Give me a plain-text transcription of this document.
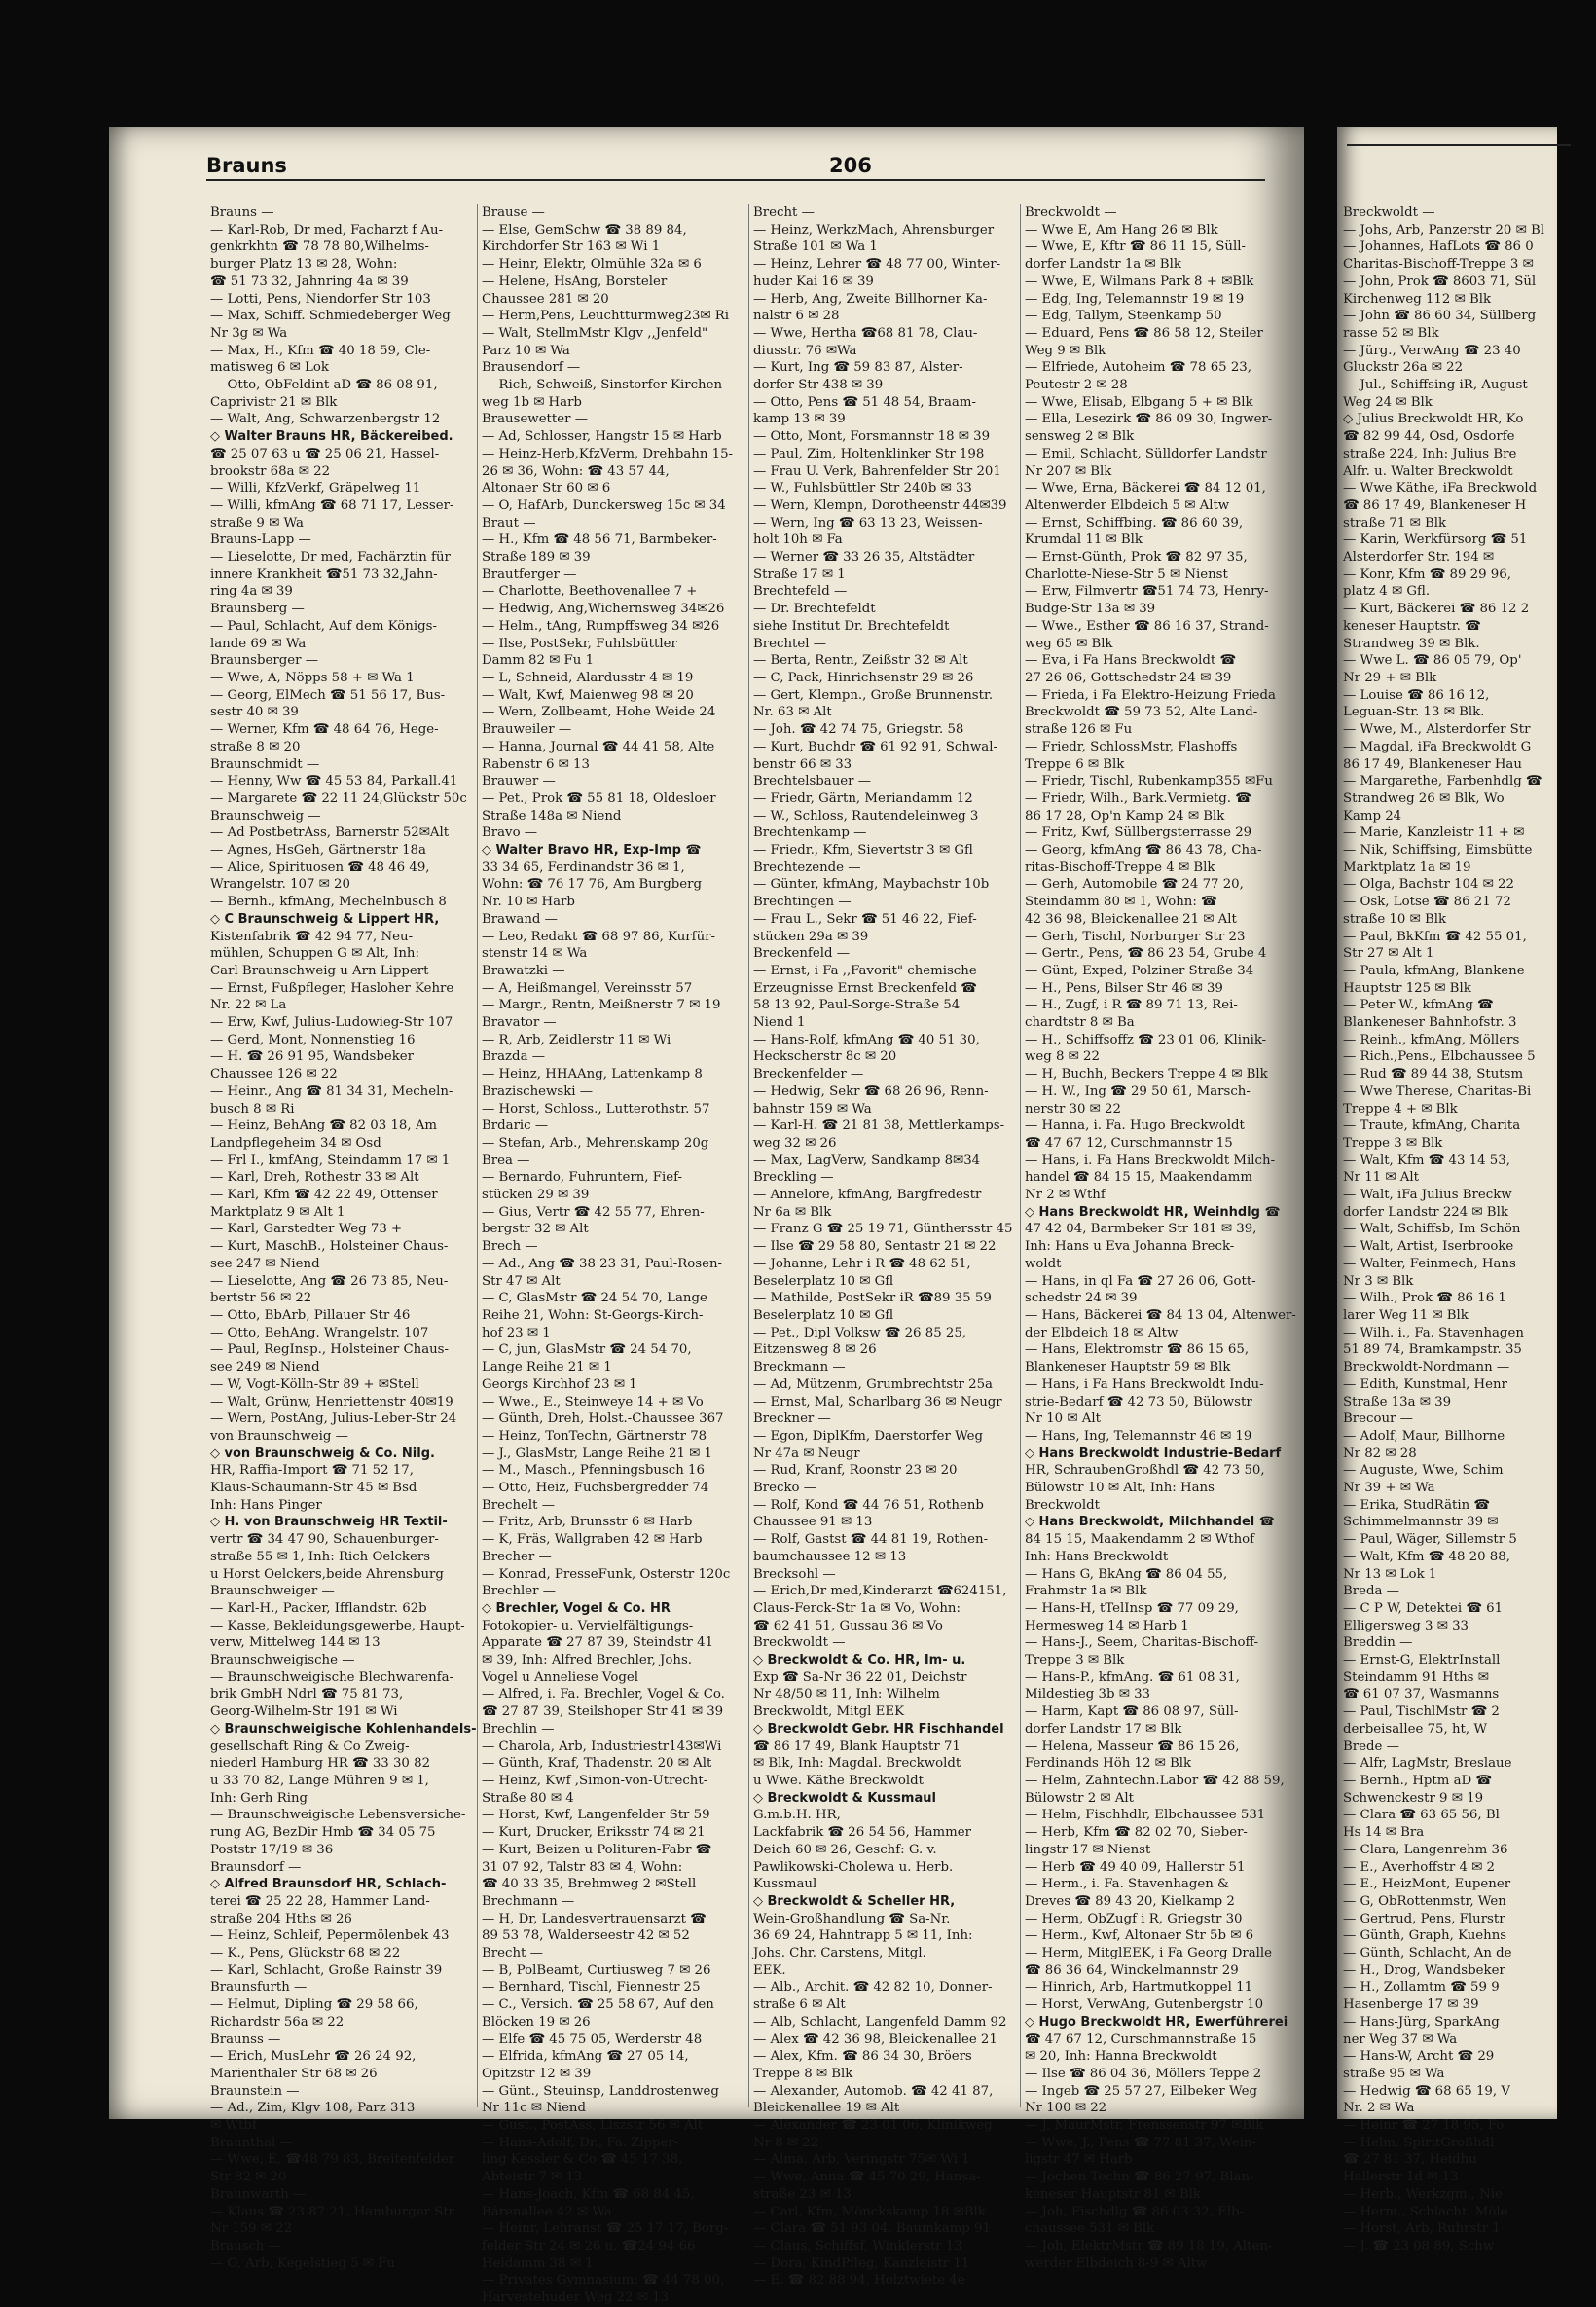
Brauns	206
Brauns —
— Karl-Rob, Dr med, Facharzt f Au-
genkrkhtn ☎ 78 78 80,Wilhelms-
burger Platz 13 ✉ 28, Wohn:
☎ 51 73 32, Jahnring 4a ✉ 39
— Lotti, Pens, Niendorfer Str 103
— Max, Schiff. Schmiedeberger Weg
Nr 3g ✉ Wa
— Max, H., Kfm ☎ 40 18 59, Cle-
matisweg 6 ✉ Lok
— Otto, ObFeldint aD ☎ 86 08 91,
Caprivistr 21 ✉ Blk
— Walt, Ang, Schwarzenbergstr 12
◇ Walter Brauns HR, Bäckereibed.
☎ 25 07 63 u ☎ 25 06 21, Hassel-
brookstr 68a ✉ 22
— Willi, KfzVerkf, Gräpelweg 11
— Willi, kfmAng ☎ 68 71 17, Lesser-
straße 9 ✉ Wa
Brauns-Lapp —
— Lieselotte, Dr med, Fachärztin für
innere Krankheit ☎51 73 32,Jahn-
ring 4a ✉ 39
Braunsberg —
— Paul, Schlacht, Auf dem Königs-
lande 69 ✉ Wa
Braunsberger —
— Wwe, A, Nöpps 58 + ✉ Wa 1
— Georg, ElMech ☎ 51 56 17, Bus-
sestr 40 ✉ 39
— Werner, Kfm ☎ 48 64 76, Hege-
straße 8 ✉ 20
Braunschmidt —
— Henny, Ww ☎ 45 53 84, Parkall.41
— Margarete ☎ 22 11 24,Glückstr 50c
Braunschweig —
— Ad PostbetrAss, Barnerstr 52✉Alt
— Agnes, HsGeh, Gärtnerstr 18a
— Alice, Spirituosen ☎ 48 46 49,
Wrangelstr. 107 ✉ 20
— Bernh., kfmAng, Mechelnbusch 8
◇ C Braunschweig & Lippert HR,
Kistenfabrik ☎ 42 94 77, Neu-
mühlen, Schuppen G ✉ Alt, Inh:
Carl Braunschweig u Arn Lippert
— Ernst, Fußpfleger, Hasloher Kehre
Nr. 22 ✉ La
— Erw, Kwf, Julius-Ludowieg-Str 107
— Gerd, Mont, Nonnenstieg 16
— H. ☎ 26 91 95, Wandsbeker
Chaussee 126 ✉ 22
— Heinr., Ang ☎ 81 34 31, Mecheln-
busch 8 ✉ Ri
— Heinz, BehAng ☎ 82 03 18, Am
Landpflegeheim 34 ✉ Osd
— Frl I., kmfAng, Steindamm 17 ✉ 1
— Karl, Dreh, Rothestr 33 ✉ Alt
— Karl, Kfm ☎ 42 22 49, Ottenser
Marktplatz 9 ✉ Alt 1
— Karl, Garstedter Weg 73 +
— Kurt, MaschB., Holsteiner Chaus-
see 247 ✉ Niend
— Lieselotte, Ang ☎ 26 73 85, Neu-
bertstr 56 ✉ 22
— Otto, BbArb, Pillauer Str 46
— Otto, BehAng. Wrangelstr. 107
— Paul, RegInsp., Holsteiner Chaus-
see 249 ✉ Niend
— W, Vogt-Kölln-Str 89 + ✉Stell
— Walt, Grünw, Henriettenstr 40✉19
— Wern, PostAng, Julius-Leber-Str 24
von Braunschweig —
◇ von Braunschweig & Co. Nilg.
HR, Raffia-Import ☎ 71 52 17,
Klaus-Schaumann-Str 45 ✉ Bsd
Inh: Hans Pinger
◇ H. von Braunschweig HR Textil-
vertr ☎ 34 47 90, Schauenburger-
straße 55 ✉ 1, Inh: Rich Oelckers
u Horst Oelckers,beide Ahrensburg
Braunschweiger —
— Karl-H., Packer, Ifflandstr. 62b
— Kasse, Bekleidungsgewerbe, Haupt-
verw, Mittelweg 144 ✉ 13
Braunschweigische —
— Braunschweigische Blechwarenfa-
brik GmbH Ndrl ☎ 75 81 73,
Georg-Wilhelm-Str 191 ✉ Wi
◇ Braunschweigische Kohlenhandels-
gesellschaft Ring & Co Zweig-
niederl Hamburg HR ☎ 33 30 82
u 33 70 82, Lange Mühren 9 ✉ 1,
Inh: Gerh Ring
— Braunschweigische Lebensversiche-
rung AG, BezDir Hmb ☎ 34 05 75
Poststr 17/19 ✉ 36
Braunsdorf —
◇ Alfred Braunsdorf HR, Schlach-
terei ☎ 25 22 28, Hammer Land-
straße 204 Hths ✉ 26
— Heinz, Schleif, Pepermölenbek 43
— K., Pens, Glückstr 68 ✉ 22
— Karl, Schlacht, Große Rainstr 39
Braunsfurth —
— Helmut, Dipling ☎ 29 58 66,
Richardstr 56a ✉ 22
Braunss —
— Erich, MusLehr ☎ 26 24 92,
Marienthaler Str 68 ✉ 26
Braunstein —
— Ad., Zim, Klgv 108, Parz 313
✉ Wtbf
Braunthal —
— Wwe, E, ☎48 79 83, Breitenfelder
Str 82 ✉ 20
Braunwarth —
— Klaus ☎ 23 87 21, Hamburger Str
Nr 159 ✉ 22
Brausch —
— O, Arb, Kegelstieg 5 ✉ Fu
Brause —
— Else, GemSchw ☎ 38 89 84,
Kirchdorfer Str 163 ✉ Wi 1
— Heinr, Elektr, Olmühle 32a ✉ 6
— Helene, HsAng, Borsteler
Chaussee 281 ✉ 20
— Herm,Pens, Leuchtturmweg23✉ Ri
— Walt, StellmMstr Klgv ,,Jenfeld"
Parz 10 ✉ Wa
Brausendorf —
— Rich, Schweiß, Sinstorfer Kirchen-
weg 1b ✉ Harb
Brausewetter —
— Ad, Schlosser, Hangstr 15 ✉ Harb
— Heinz-Herb,KfzVerm, Drehbahn 15-
26 ✉ 36, Wohn: ☎ 43 57 44,
Altonaer Str 60 ✉ 6
— O, HafArb, Dunckersweg 15c ✉ 34
Braut —
— H., Kfm ☎ 48 56 71, Barmbeker-
Straße 189 ✉ 39
Brautferger —
— Charlotte, Beethovenallee 7 +
— Hedwig, Ang,Wichernsweg 34✉26
— Helm., tAng, Rumpffsweg 34 ✉26
— Ilse, PostSekr, Fuhlsbüttler
Damm 82 ✉ Fu 1
— L, Schneid, Alardusstr 4 ✉ 19
— Walt, Kwf, Maienweg 98 ✉ 20
— Wern, Zollbeamt, Hohe Weide 24
Brauweiler —
— Hanna, Journal ☎ 44 41 58, Alte
Rabenstr 6 ✉ 13
Brauwer —
— Pet., Prok ☎ 55 81 18, Oldesloer
Straße 148a ✉ Niend
Bravo —
◇ Walter Bravo HR, Exp-Imp ☎
33 34 65, Ferdinandstr 36 ✉ 1,
Wohn: ☎ 76 17 76, Am Burgberg
Nr. 10 ✉ Harb
Brawand —
— Leo, Redakt ☎ 68 97 86, Kurfür-
stenstr 14 ✉ Wa
Brawatzki —
— A, Heißmangel, Vereinsstr 57
— Margr., Rentn, Meißnerstr 7 ✉ 19
Bravator —
— R, Arb, Zeidlerstr 11 ✉ Wi
Brazda —
— Heinz, HHAAng, Lattenkamp 8
Brazischewski —
— Horst, Schloss., Lutterothstr. 57
Brdaric —
— Stefan, Arb., Mehrenskamp 20g
Brea —
— Bernardo, Fuhruntern, Fief-
stücken 29 ✉ 39
— Gius, Vertr ☎ 42 55 77, Ehren-
bergstr 32 ✉ Alt
Brech —
— Ad., Ang ☎ 38 23 31, Paul-Rosen-
Str 47 ✉ Alt
— C, GlasMstr ☎ 24 54 70, Lange
Reihe 21, Wohn: St-Georgs-Kirch-
hof 23 ✉ 1
— C, jun, GlasMstr ☎ 24 54 70,
Lange Reihe 21 ✉ 1
Georgs Kirchhof 23 ✉ 1
— Wwe., E., Steinweye 14 + ✉ Vo
— Günth, Dreh, Holst.-Chaussee 367
— Heinz, TonTechn, Gärtnerstr 78
— J., GlasMstr, Lange Reihe 21 ✉ 1
— M., Masch., Pfenningsbusch 16
— Otto, Heiz, Fuchsbergredder 74
Brechelt —
— Fritz, Arb, Brunsstr 6 ✉ Harb
— K, Fräs, Wallgraben 42 ✉ Harb
Brecher —
— Konrad, PresseFunk, Osterstr 120c
Brechler —
◇ Brechler, Vogel & Co. HR
Fotokopier- u. Vervielfältigungs-
Apparate ☎ 27 87 39, Steindstr 41
✉ 39, Inh: Alfred Brechler, Johs.
Vogel u Anneliese Vogel
— Alfred, i. Fa. Brechler, Vogel & Co.
☎ 27 87 39, Steilshoper Str 41 ✉ 39
Brechlin —
— Charola, Arb, Industriestr143✉Wi
— Günth, Kraf, Thadenstr. 20 ✉ Alt
— Heinz, Kwf ,Simon-von-Utrecht-
Straße 80 ✉ 4
— Horst, Kwf, Langenfelder Str 59
— Kurt, Drucker, Eriksstr 74 ✉ 21
— Kurt, Beizen u Polituren-Fabr ☎
31 07 92, Talstr 83 ✉ 4, Wohn:
☎ 40 33 35, Brehmweg 2 ✉Stell
Brechmann —
— H, Dr, Landesvertrauensarzt ☎
89 53 78, Walderseestr 42 ✉ 52
Brecht —
— B, PolBeamt, Curtiusweg 7 ✉ 26
— Bernhard, Tischl, Fiennestr 25
— C., Versich. ☎ 25 58 67, Auf den
Blöcken 19 ✉ 26
— Elfe ☎ 45 75 05, Werderstr 48
— Elfrida, kfmAng ☎ 27 05 14,
Opitzstr 12 ✉ 39
— Günt., Steuinsp, Landdrostenweg
Nr 11c ✉ Niend
— Gust., PostAss, Liszstr 56 ✉ Alt
— Hans-Adolf, Dr., Fa. Zipper-
ling Kessler & Co ☎ 45 17 38,
Abteistr 7 ✉ 13
— Hans-Joach, Kfm ☎ 68 84 45,
Bärenallee 42 ✉ Wa
— Heinr, Lehranst ☎ 25 17 17, Borg-
felder Str 24 ✉ 26 u. ☎24 94 66
Heidamm 38 ✉ 1
— Privates Gymnasium: ☎ 44 78 00,
Harvestehuder Weg 22 ✉ 13
Brecht —
— Heinz, WerkzMach, Ahrensburger
Straße 101 ✉ Wa 1
— Heinz, Lehrer ☎ 48 77 00, Winter-
huder Kai 16 ✉ 39
— Herb, Ang, Zweite Billhorner Ka-
nalstr 6 ✉ 28
— Wwe, Hertha ☎68 81 78, Clau-
diusstr. 76 ✉Wa
— Kurt, Ing ☎ 59 83 87, Alster-
dorfer Str 438 ✉ 39
— Otto, Pens ☎ 51 48 54, Braam-
kamp 13 ✉ 39
— Otto, Mont, Forsmannstr 18 ✉ 39
— Paul, Zim, Holtenklinker Str 198
— Frau U. Verk, Bahrenfelder Str 201
— W., Fuhlsbüttler Str 240b ✉ 33
— Wern, Klempn, Dorotheenstr 44✉39
— Wern, Ing ☎ 63 13 23, Weissen-
holt 10h ✉ Fa
— Werner ☎ 33 26 35, Altstädter
Straße 17 ✉ 1
Brechtefeld —
— Dr. Brechtefeldt
siehe Institut Dr. Brechtefeldt
Brechtel —
— Berta, Rentn, Zeißstr 32 ✉ Alt
— C, Pack, Hinrichsenstr 29 ✉ 26
— Gert, Klempn., Große Brunnenstr.
Nr. 63 ✉ Alt
— Joh. ☎ 42 74 75, Griegstr. 58
— Kurt, Buchdr ☎ 61 92 91, Schwal-
benstr 66 ✉ 33
Brechtelsbauer —
— Friedr, Gärtn, Meriandamm 12
— W., Schloss, Rautendeleinweg 3
Brechtenkamp —
— Friedr., Kfm, Sievertstr 3 ✉ Gfl
Brechtezende —
— Günter, kfmAng, Maybachstr 10b
Brechtingen —
— Frau L., Sekr ☎ 51 46 22, Fief-
stücken 29a ✉ 39
Breckenfeld —
— Ernst, i Fa ,,Favorit" chemische
Erzeugnisse Ernst Breckenfeld ☎
58 13 92, Paul-Sorge-Straße 54
Niend 1
— Hans-Rolf, kfmAng ☎ 40 51 30,
Heckscherstr 8c ✉ 20
Breckenfelder —
— Hedwig, Sekr ☎ 68 26 96, Renn-
bahnstr 159 ✉ Wa
— Karl-H. ☎ 21 81 38, Mettlerkamps-
weg 32 ✉ 26
— Max, LagVerw, Sandkamp 8✉34
Breckling —
— Annelore, kfmAng, Bargfredestr
Nr 6a ✉ Blk
— Franz G ☎ 25 19 71, Günthersstr 45
— Ilse ☎ 29 58 80, Sentastr 21 ✉ 22
— Johanne, Lehr i R ☎ 48 62 51,
Beselerplatz 10 ✉ Gfl
— Mathilde, PostSekr iR ☎89 35 59
Beselerplatz 10 ✉ Gfl
— Pet., Dipl Volksw ☎ 26 85 25,
Eitzensweg 8 ✉ 26
Breckmann —
— Ad, Mützenm, Grumbrechtstr 25a
— Ernst, Mal, Scharlbarg 36 ✉ Neugr
Breckner —
— Egon, DiplKfm, Daerstorfer Weg
Nr 47a ✉ Neugr
— Rud, Kranf, Roonstr 23 ✉ 20
Brecko —
— Rolf, Kond ☎ 44 76 51, Rothenb
Chaussee 91 ✉ 13
— Rolf, Gastst ☎ 44 81 19, Rothen-
baumchaussee 12 ✉ 13
Brecksohl —
— Erich,Dr med,Kinderarzt ☎624151,
Claus-Ferck-Str 1a ✉ Vo, Wohn:
☎ 62 41 51, Gussau 36 ✉ Vo
Breckwoldt —
◇ Breckwoldt & Co. HR, Im- u.
Exp ☎ Sa-Nr 36 22 01, Deichstr
Nr 48/50 ✉ 11, Inh: Wilhelm
Breckwoldt, Mitgl EEK
◇ Breckwoldt Gebr. HR Fischhandel
☎ 86 17 49, Blank Hauptstr 71
✉ Blk, Inh: Magdal. Breckwoldt
u Wwe. Käthe Breckwoldt
◇ Breckwoldt & Kussmaul
G.m.b.H. HR,
Lackfabrik ☎ 26 54 56, Hammer
Deich 60 ✉ 26, Geschf: G. v.
Pawlikowski-Cholewa u. Herb.
Kussmaul
◇ Breckwoldt & Scheller HR,
Wein-Großhandlung ☎ Sa-Nr.
36 69 24, Hahntrapp 5 ✉ 11, Inh:
Johs. Chr. Carstens, Mitgl.
EEK.
— Alb., Archit. ☎ 42 82 10, Donner-
straße 6 ✉ Alt
— Alb, Schlacht, Langenfeld Damm 92
— Alex ☎ 42 36 98, Bleickenallee 21
— Alex, Kfm. ☎ 86 34 30, Bröers
Treppe 8 ✉ Blk
— Alexander, Automob. ☎ 42 41 87,
Bleickenallee 19 ✉ Alt
— Alexander ☎ 23 01 06, Klinikweg
Nr 8 ✉ 22
— Alma, Arb, Veringstr 75✉ Wi 1
— Wwe, Anna ☎ 45 70 29, Hansa-
straße 23 ✉ 13
— Carl, Kfm, Mönckskamp 18 ✉Blk
— Clara ☎ 51 93 04, Baumkamp 91
— Claus, Schiffsf, Winklerstr 13
— Dora, KindPfleg, Kanzleistr 11
— E. ☎ 82 88 94, Holztwiete 4e
Breckwoldt —
— Wwe E, Am Hang 26 ✉ Blk
— Wwe, E, Kftr ☎ 86 11 15, Süll-
dorfer Landstr 1a ✉ Blk
— Wwe, E, Wilmans Park 8 + ✉Blk
— Edg, Ing, Telemannstr 19 ✉ 19
— Edg, Tallym, Steenkamp 50
— Eduard, Pens ☎ 86 58 12, Steiler
Weg 9 ✉ Blk
— Elfriede, Autoheim ☎ 78 65 23,
Peutestr 2 ✉ 28
— Wwe, Elisab, Elbgang 5 + ✉ Blk
— Ella, Lesezirk ☎ 86 09 30, Ingwer-
sensweg 2 ✉ Blk
— Emil, Schlacht, Sülldorfer Landstr
Nr 207 ✉ Blk
— Wwe, Erna, Bäckerei ☎ 84 12 01,
Altenwerder Elbdeich 5 ✉ Altw
— Ernst, Schiffbing. ☎ 86 60 39,
Krumdal 11 ✉ Blk
— Ernst-Günth, Prok ☎ 82 97 35,
Charlotte-Niese-Str 5 ✉ Nienst
— Erw, Filmvertr ☎51 74 73, Henry-
Budge-Str 13a ✉ 39
— Wwe., Esther ☎ 86 16 37, Strand-
weg 65 ✉ Blk
— Eva, i Fa Hans Breckwoldt ☎
27 26 06, Gottschedstr 24 ✉ 39
— Frieda, i Fa Elektro-Heizung Frieda
Breckwoldt ☎ 59 73 52, Alte Land-
straße 126 ✉ Fu
— Friedr, SchlossMstr, Flashoffs
Treppe 6 ✉ Blk
— Friedr, Tischl, Rubenkamp355 ✉Fu
— Friedr, Wilh., Bark.Vermietg. ☎
86 17 28, Op'n Kamp 24 ✉ Blk
— Fritz, Kwf, Süllbergsterrasse 29
— Georg, kfmAng ☎ 86 43 78, Cha-
ritas-Bischoff-Treppe 4 ✉ Blk
— Gerh, Automobile ☎ 24 77 20,
Steindamm 80 ✉ 1, Wohn: ☎
42 36 98, Bleickenallee 21 ✉ Alt
— Gerh, Tischl, Norburger Str 23
— Gertr., Pens, ☎ 86 23 54, Grube 4
— Günt, Exped, Polziner Straße 34
— H., Pens, Bilser Str 46 ✉ 39
— H., Zugf, i R ☎ 89 71 13, Rei-
chardtstr 8 ✉ Ba
— H., Schiffsoffz ☎ 23 01 06, Klinik-
weg 8 ✉ 22
— H, Buchh, Beckers Treppe 4 ✉ Blk
— H. W., Ing ☎ 29 50 61, Marsch-
nerstr 30 ✉ 22
— Hanna, i. Fa. Hugo Breckwoldt
☎ 47 67 12, Curschmannstr 15
— Hans, i. Fa Hans Breckwoldt Milch-
handel ☎ 84 15 15, Maakendamm
Nr 2 ✉ Wthf
◇ Hans Breckwoldt HR, Weinhdlg ☎
47 42 04, Barmbeker Str 181 ✉ 39,
Inh: Hans u Eva Johanna Breck-
woldt
— Hans, in ql Fa ☎ 27 26 06, Gott-
schedstr 24 ✉ 39
— Hans, Bäckerei ☎ 84 13 04, Altenwer-
der Elbdeich 18 ✉ Altw
— Hans, Elektromstr ☎ 86 15 65,
Blankeneser Hauptstr 59 ✉ Blk
— Hans, i Fa Hans Breckwoldt Indu-
strie-Bedarf ☎ 42 73 50, Bülowstr
Nr 10 ✉ Alt
— Hans, Ing, Telemannstr 46 ✉ 19
◇ Hans Breckwoldt Industrie-Bedarf
HR, SchraubenGroßhdl ☎ 42 73 50,
Bülowstr 10 ✉ Alt, Inh: Hans
Breckwoldt
◇ Hans Breckwoldt, Milchhandel ☎
84 15 15, Maakendamm 2 ✉ Wthof
Inh: Hans Breckwoldt
— Hans G, BkAng ☎ 86 04 55,
Frahmstr 1a ✉ Blk
— Hans-H, tTelInsp ☎ 77 09 29,
Hermesweg 14 ✉ Harb 1
— Hans-J., Seem, Charitas-Bischoff-
Treppe 3 ✉ Blk
— Hans-P., kfmAng. ☎ 61 08 31,
Mildestieg 3b ✉ 33
— Harm, Kapt ☎ 86 08 97, Süll-
dorfer Landstr 17 ✉ Blk
— Helena, Masseur ☎ 86 15 26,
Ferdinands Höh 12 ✉ Blk
— Helm, Zahntechn.Labor ☎ 42 88 59,
Bülowstr 2 ✉ Alt
— Helm, Fischhdlr, Elbchaussee 531
— Herb, Kfm ☎ 82 02 70, Sieber-
lingstr 17 ✉ Nienst
— Herb ☎ 49 40 09, Hallerstr 51
— Herm., i. Fa. Stavenhagen &
Dreves ☎ 89 43 20, Kielkamp 2
— Herm, ObZugf i R, Griegstr 30
— Herm., Kwf, Altonaer Str 5b ✉ 6
— Herm, MitglEEK, i Fa Georg Dralle
☎ 86 36 64, Winckelmannstr 29
— Hinrich, Arb, Hartmutkoppel 11
— Horst, VerwAng, Gutenbergstr 10
◇ Hugo Breckwoldt HR, Ewerführerei
☎ 47 67 12, Curschmannstraße 15
✉ 20, Inh: Hanna Breckwoldt
— Ilse ☎ 86 04 36, Möllers Teppe 2
— Ingeb ☎ 25 57 27, Eilbeker Weg
Nr 100 ✉ 22
— J, MaurMstr, Frenssenstr 97 ✉Blk
— Wwe, J., Pens ☎ 77 81 37, Wein-
ligstr 47 ✉ Harb
— Jochen Techn ☎ 86 27 97, Blan-
keneser Hauptstr 81 ✉ Blk
— Joh, Fischdlg ☎ 86 03 32, Elb-
chaussee 531 ✉ Blk
— Joh, ElektrMstr ☎ 89 18 19, Alten-
werder Elbdeich 8-9 ✉ Altw
Breckwoldt —
— Johs, Arb, Panzerstr 20 ✉ Bl
— Johannes, HafLots ☎ 86 0
Charitas-Bischoff-Treppe 3 ✉
— John, Prok ☎ 8603 71, Sül
Kirchenweg 112 ✉ Blk
— John ☎ 86 60 34, Süllberg
rasse 52 ✉ Blk
— Jürg., VerwAng ☎ 23 40
Gluckstr 26a ✉ 22
— Jul., Schiffsing iR, August-
Weg 24 ✉ Blk
◇ Julius Breckwoldt HR, Ko
☎ 82 99 44, Osd, Osdorfe
straße 224, Inh: Julius Bre
Alfr. u. Walter Breckwoldt
— Wwe Käthe, iFa Breckwold
☎ 86 17 49, Blankeneser H
straße 71 ✉ Blk
— Karin, Werkfürsorg ☎ 51
Alsterdorfer Str. 194 ✉
— Konr, Kfm ☎ 89 29 96,
platz 4 ✉ Gfl.
— Kurt, Bäckerei ☎ 86 12 2
keneser Hauptstr. ☎
Strandweg 39 ✉ Blk.
— Wwe L. ☎ 86 05 79, Op'
Nr 29 + ✉ Blk
— Louise ☎ 86 16 12,
Leguan-Str. 13 ✉ Blk.
— Wwe, M., Alsterdorfer Str
— Magdal, iFa Breckwoldt G
86 17 49, Blankeneser Hau
— Margarethe, Farbenhdlg ☎
Strandweg 26 ✉ Blk, Wo
Kamp 24
— Marie, Kanzleistr 11 + ✉
— Nik, Schiffsing, Eimsbütte
Marktplatz 1a ✉ 19
— Olga, Bachstr 104 ✉ 22
— Osk, Lotse ☎ 86 21 72
straße 10 ✉ Blk
— Paul, BkKfm ☎ 42 55 01,
Str 27 ✉ Alt 1
— Paula, kfmAng, Blankene
Hauptstr 125 ✉ Blk
— Peter W., kfmAng ☎
Blankeneser Bahnhofstr. 3
— Reinh., kfmAng, Möllers
— Rich.,Pens., Elbchaussee 5
— Rud ☎ 89 44 38, Stutsm
— Wwe Therese, Charitas-Bi
Treppe 4 + ✉ Blk
— Traute, kfmAng, Charita
Treppe 3 ✉ Blk
— Walt, Kfm ☎ 43 14 53,
Nr 11 ✉ Alt
— Walt, iFa Julius Breckw
dorfer Landstr 224 ✉ Blk
— Walt, Schiffsb, Im Schön
— Walt, Artist, Iserbrooke
— Walter, Feinmech, Hans
Nr 3 ✉ Blk
— Wilh., Prok ☎ 86 16 1
larer Weg 11 ✉ Blk
— Wilh. i., Fa. Stavenhagen
51 89 74, Bramkampstr. 35
Breckwoldt-Nordmann —
— Edith, Kunstmal, Henr
Straße 13a ✉ 39
Brecour —
— Adolf, Maur, Billhorne
Nr 82 ✉ 28
— Auguste, Wwe, Schim
Nr 39 + ✉ Wa
— Erika, StudRätin ☎
Schimmelmannstr 39 ✉
— Paul, Wäger, Sillemstr 5
— Walt, Kfm ☎ 48 20 88,
Nr 13 ✉ Lok 1
Breda —
— C P W, Detektei ☎ 61
Elligersweg 3 ✉ 33
Breddin —
— Ernst-G, ElektrInstall
Steindamm 91 Hths ✉
☎ 61 07 37, Wasmanns
— Paul, TischlMstr ☎ 2
derbeisallee 75, ht, W
Brede —
— Alfr, LagMstr, Breslaue
— Bernh., Hptm aD ☎
Schwenckestr 9 ✉ 19
— Clara ☎ 63 65 56, Bl
Hs 14 ✉ Bra
— Clara, Langenrehm 36
— E., Averhoffstr 4 ✉ 2
— E., HeizMont, Eupener
— G, ObRottenmstr, Wen
— Gertrud, Pens, Flurstr
— Günth, Graph, Kuehns
— Günth, Schlacht, An de
— H., Drog, Wandsbeker
— H., Zollamtm ☎ 59 9
Hasenberge 17 ✉ 39
— Hans-Jürg, SparkAng
ner Weg 37 ✉ Wa
— Hans-W, Archt ☎ 29
straße 95 ✉ Wa
— Hedwig ☎ 68 65 19, V
Nr. 2 ✉ Wa
— Heinr ☎ 27 18 95, Fo
— Helm, SpiritGroßhdl
☎ 27 81 37, Heidhu
Hallerstr 1d ✉ 13
— Herb., Werkzgm., Nie
— Herm., Schlacht, Möle
— Horst, Arb, Ruhrstr 1
— J. ☎ 23 08 89, Schw
